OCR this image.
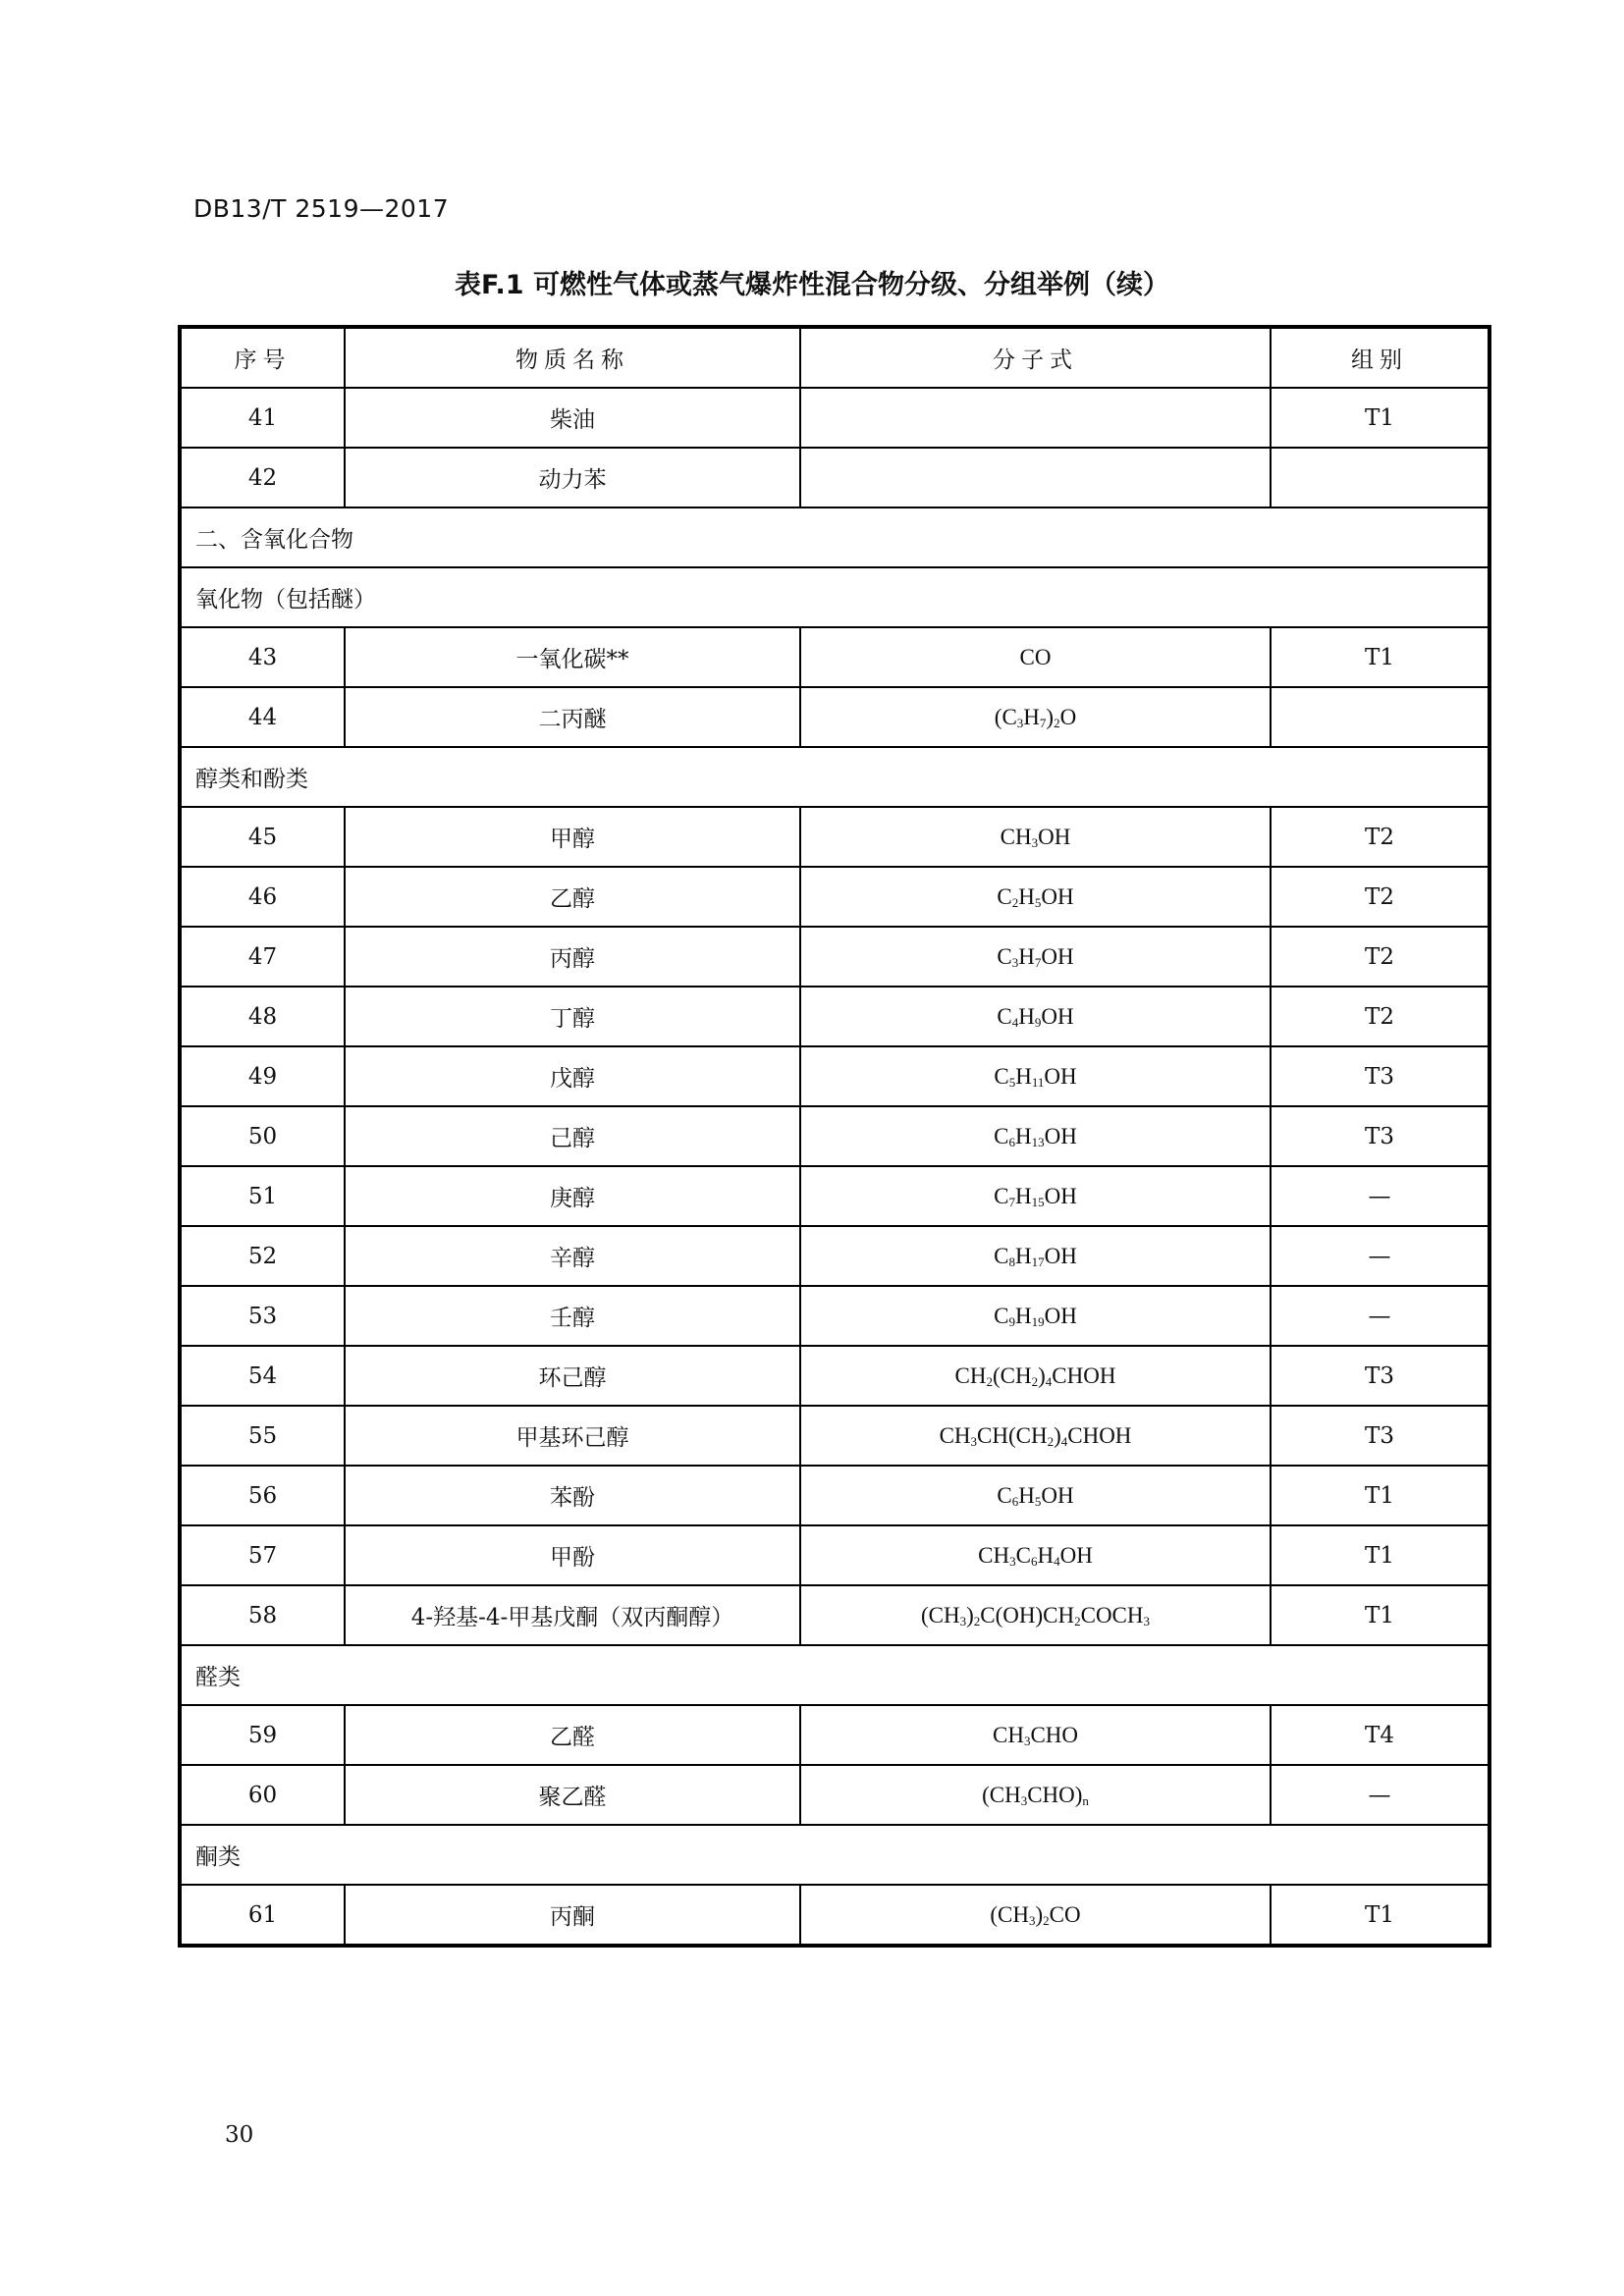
DB13/T 2519—2017
表F.1 可燃性气体或蒸气爆炸性混合物分级、分组举例（续）
序号	物质名称	分子式	组别
41	柴油		T1
42	动力苯		
二、含氧化合物			
氧化物（包括醚）			
43	一氧化碳**	CO	T1
44	二丙醚	$(C_3H_7)_2O$	
醇类和酚类			
45	甲醇	$CH_3OH$	T2
46	乙醇	$C_2H_5OH$	T2
47	丙醇	$C_3H_7OH$	T2
48	丁醇	$C_4H_9OH$	T2
49	戊醇	$C_5H_{11}OH$	T3
50	己醇	$C_6H_{13}OH$	T3
51	庚醇	$C_7H_{15}OH$	—
52	辛醇	$C_8H_{17}OH$	—
53	壬醇	$C_9H_{19}OH$	—
54	环己醇	$CH_2(CH_2)_4CHOH$	T3
55	甲基环己醇	$CH_3CH(CH_2)_4CHOH$	T3
56	苯酚	$C_6H_5OH$	T1
57	甲酚	$CH_3C_6H_4OH$	T1
58	4-羟基-4-甲基戊酮（双丙酮醇）	$(CH_3)_2C(OH)CH_2COCH_3$	T1
醛类			
59	乙醛	$CH_3CHO$	T4
60	聚乙醛	$(CH_3CHO)_n$	—
酮类			
61	丙酮	$(CH_3)_2CO$	T1
30
